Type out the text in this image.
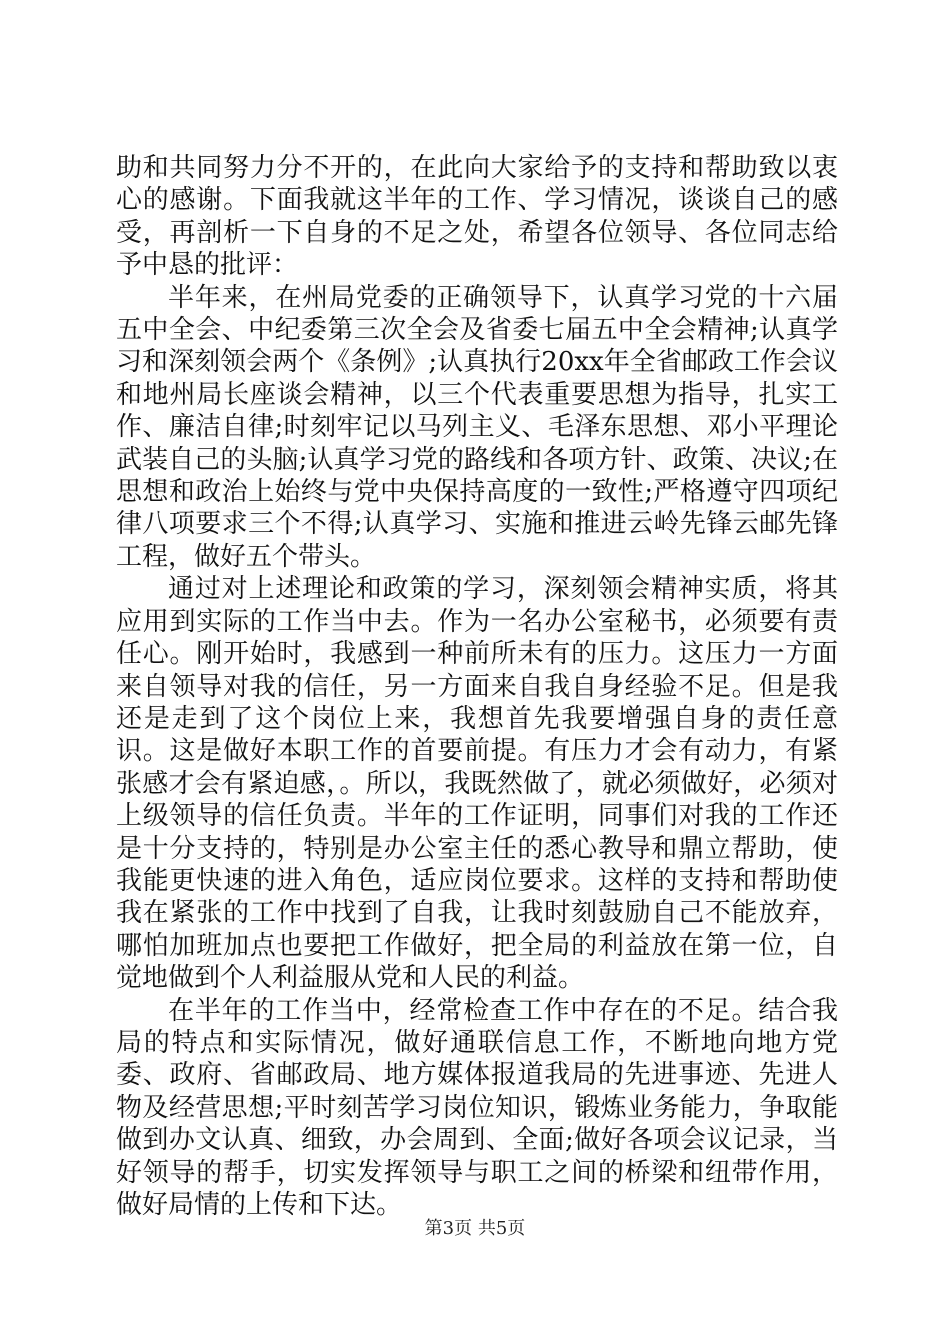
助和共同努力分不开的，在此向大家给予的支持和帮助致以衷心的感谢。下面我就这半年的工作、学习情况，谈谈自己的感受，再剖析一下自身的不足之处，希望各位领导、各位同志给予中恳的批评：

半年来，在州局党委的正确领导下，认真学习党的十六届五中全会、中纪委第三次全会及省委七届五中全会精神;认真学习和深刻领会两个《条例》;认真执行20xx年全省邮政工作会议和地州局长座谈会精神，以三个代表重要思想为指导，扎实工作、廉洁自律;时刻牢记以马列主义、毛泽东思想、邓小平理论武装自己的头脑;认真学习党的路线和各项方针、政策、决议;在思想和政治上始终与党中央保持高度的一致性;严格遵守四项纪律八项要求三个不得;认真学习、实施和推进云岭先锋云邮先锋工程，做好五个带头。

通过对上述理论和政策的学习，深刻领会精神实质，将其应用到实际的工作当中去。作为一名办公室秘书，必须要有责任心。刚开始时，我感到一种前所未有的压力。这压力一方面来自领导对我的信任，另一方面来自我自身经验不足。但是我还是走到了这个岗位上来，我想首先我要增强自身的责任意识。这是做好本职工作的首要前提。有压力才会有动力，有紧张感才会有紧迫感，。所以，我既然做了，就必须做好，必须对上级领导的信任负责。半年的工作证明，同事们对我的工作还是十分支持的，特别是办公室主任的悉心教导和鼎立帮助，使我能更快速的进入角色，适应岗位要求。这样的支持和帮助使我在紧张的工作中找到了自我，让我时刻鼓励自己不能放弃，哪怕加班加点也要把工作做好，把全局的利益放在第一位，自觉地做到个人利益服从党和人民的利益。

在半年的工作当中，经常检查工作中存在的不足。结合我局的特点和实际情况，做好通联信息工作，不断地向地方党委、政府、省邮政局、地方媒体报道我局的先进事迹、先进人物及经营思想;平时刻苦学习岗位知识，锻炼业务能力，争取能做到办文认真、细致，办会周到、全面;做好各项会议记录，当好领导的帮手，切实发挥领导与职工之间的桥梁和纽带作用，做好局情的上传和下达。

第3页 共5页
